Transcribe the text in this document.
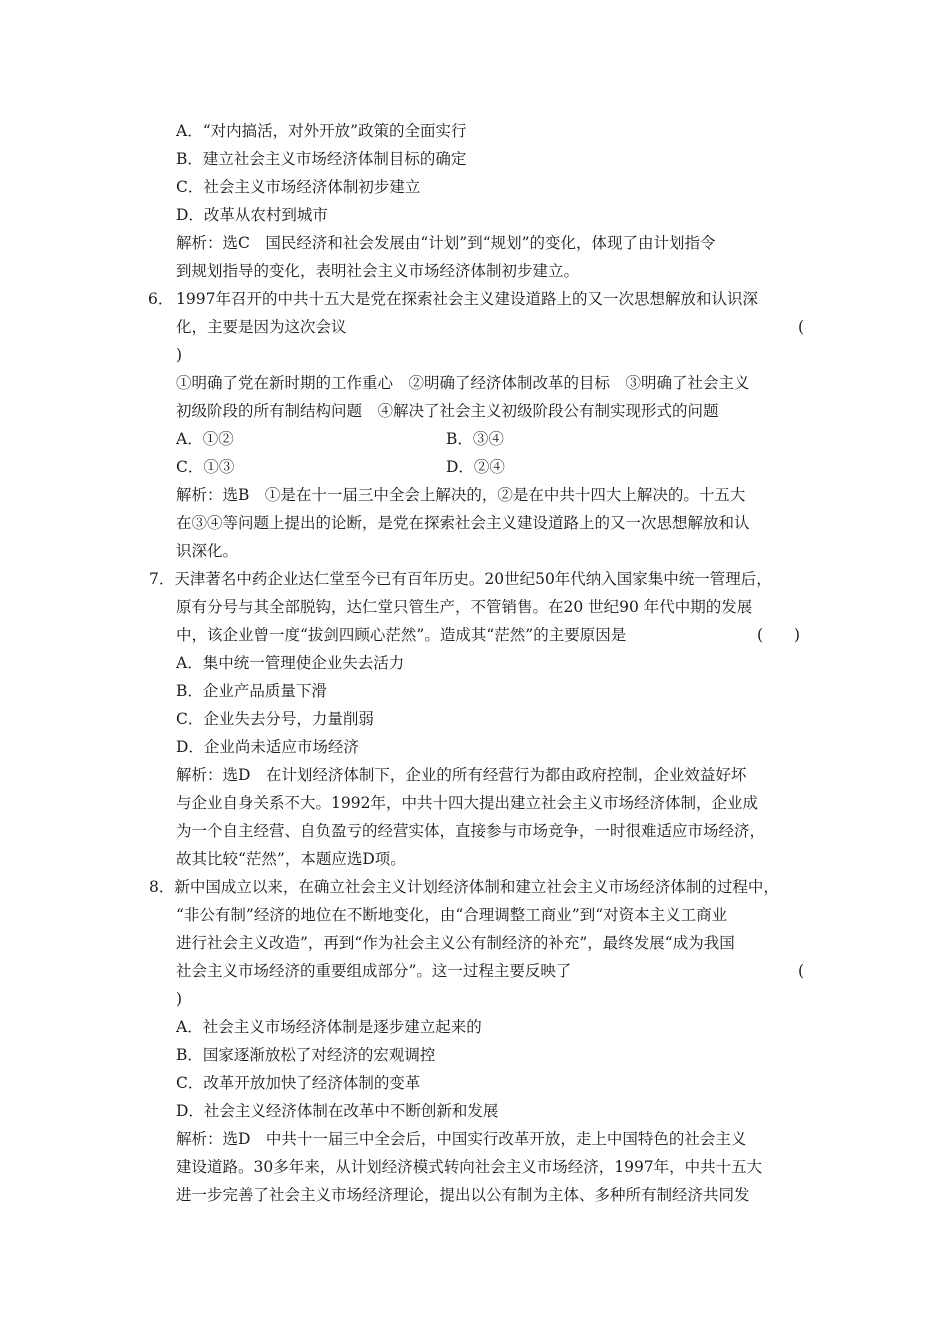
A．“对内搞活，对外开放”政策的全面实行
B．建立社会主义市场经济体制目标的确定
C．社会主义市场经济体制初步建立
D．改革从农村到城市
解析：选C　国民经济和社会发展由“计划”到“规划”的变化，体现了由计划指令
到规划指导的变化，表明社会主义市场经济体制初步建立。
6． 1997年召开的中共十五大是党在探索社会主义建设道路上的又一次思想解放和认识深
化，主要是因为这次会议	(
)
①明确了党在新时期的工作重心　②明确了经济体制改革的目标　③明确了社会主义
初级阶段的所有制结构问题　④解决了社会主义初级阶段公有制实现形式的问题
A．①②	B．③④
C．①③	D．②④
解析：选B　①是在十一届三中全会上解决的，②是在中共十四大上解决的。十五大
在③④等问题上提出的论断，是党在探索社会主义建设道路上的又一次思想解放和认
识深化。
7．天津著名中药企业达仁堂至今已有百年历史。20世纪50年代纳入国家集中统一管理后，
原有分号与其全部脱钩，达仁堂只管生产，不管销售。在20 世纪90 年代中期的发展
中，该企业曾一度“拔剑四顾心茫然”。造成其“茫然”的主要原因是	(　　)
A．集中统一管理使企业失去活力
B．企业产品质量下滑
C．企业失去分号，力量削弱
D．企业尚未适应市场经济
解析：选D　在计划经济体制下，企业的所有经营行为都由政府控制，企业效益好坏
与企业自身关系不大。1992年，中共十四大提出建立社会主义市场经济体制，企业成
为一个自主经营、自负盈亏的经营实体，直接参与市场竞争，一时很难适应市场经济，
故其比较“茫然”，本题应选D项。
8．新中国成立以来，在确立社会主义计划经济体制和建立社会主义市场经济体制的过程中，
“非公有制”经济的地位在不断地变化，由“合理调整工商业”到“对资本主义工商业
进行社会主义改造”，再到“作为社会主义公有制经济的补充”，最终发展“成为我国
社会主义市场经济的重要组成部分”。这一过程主要反映了	(
)
A．社会主义市场经济体制是逐步建立起来的
B．国家逐渐放松了对经济的宏观调控
C．改革开放加快了经济体制的变革
D．社会主义经济体制在改革中不断创新和发展
解析：选D　中共十一届三中全会后，中国实行改革开放，走上中国特色的社会主义
建设道路。30多年来，从计划经济模式转向社会主义市场经济，1997年，中共十五大
进一步完善了社会主义市场经济理论，提出以公有制为主体、多种所有制经济共同发
